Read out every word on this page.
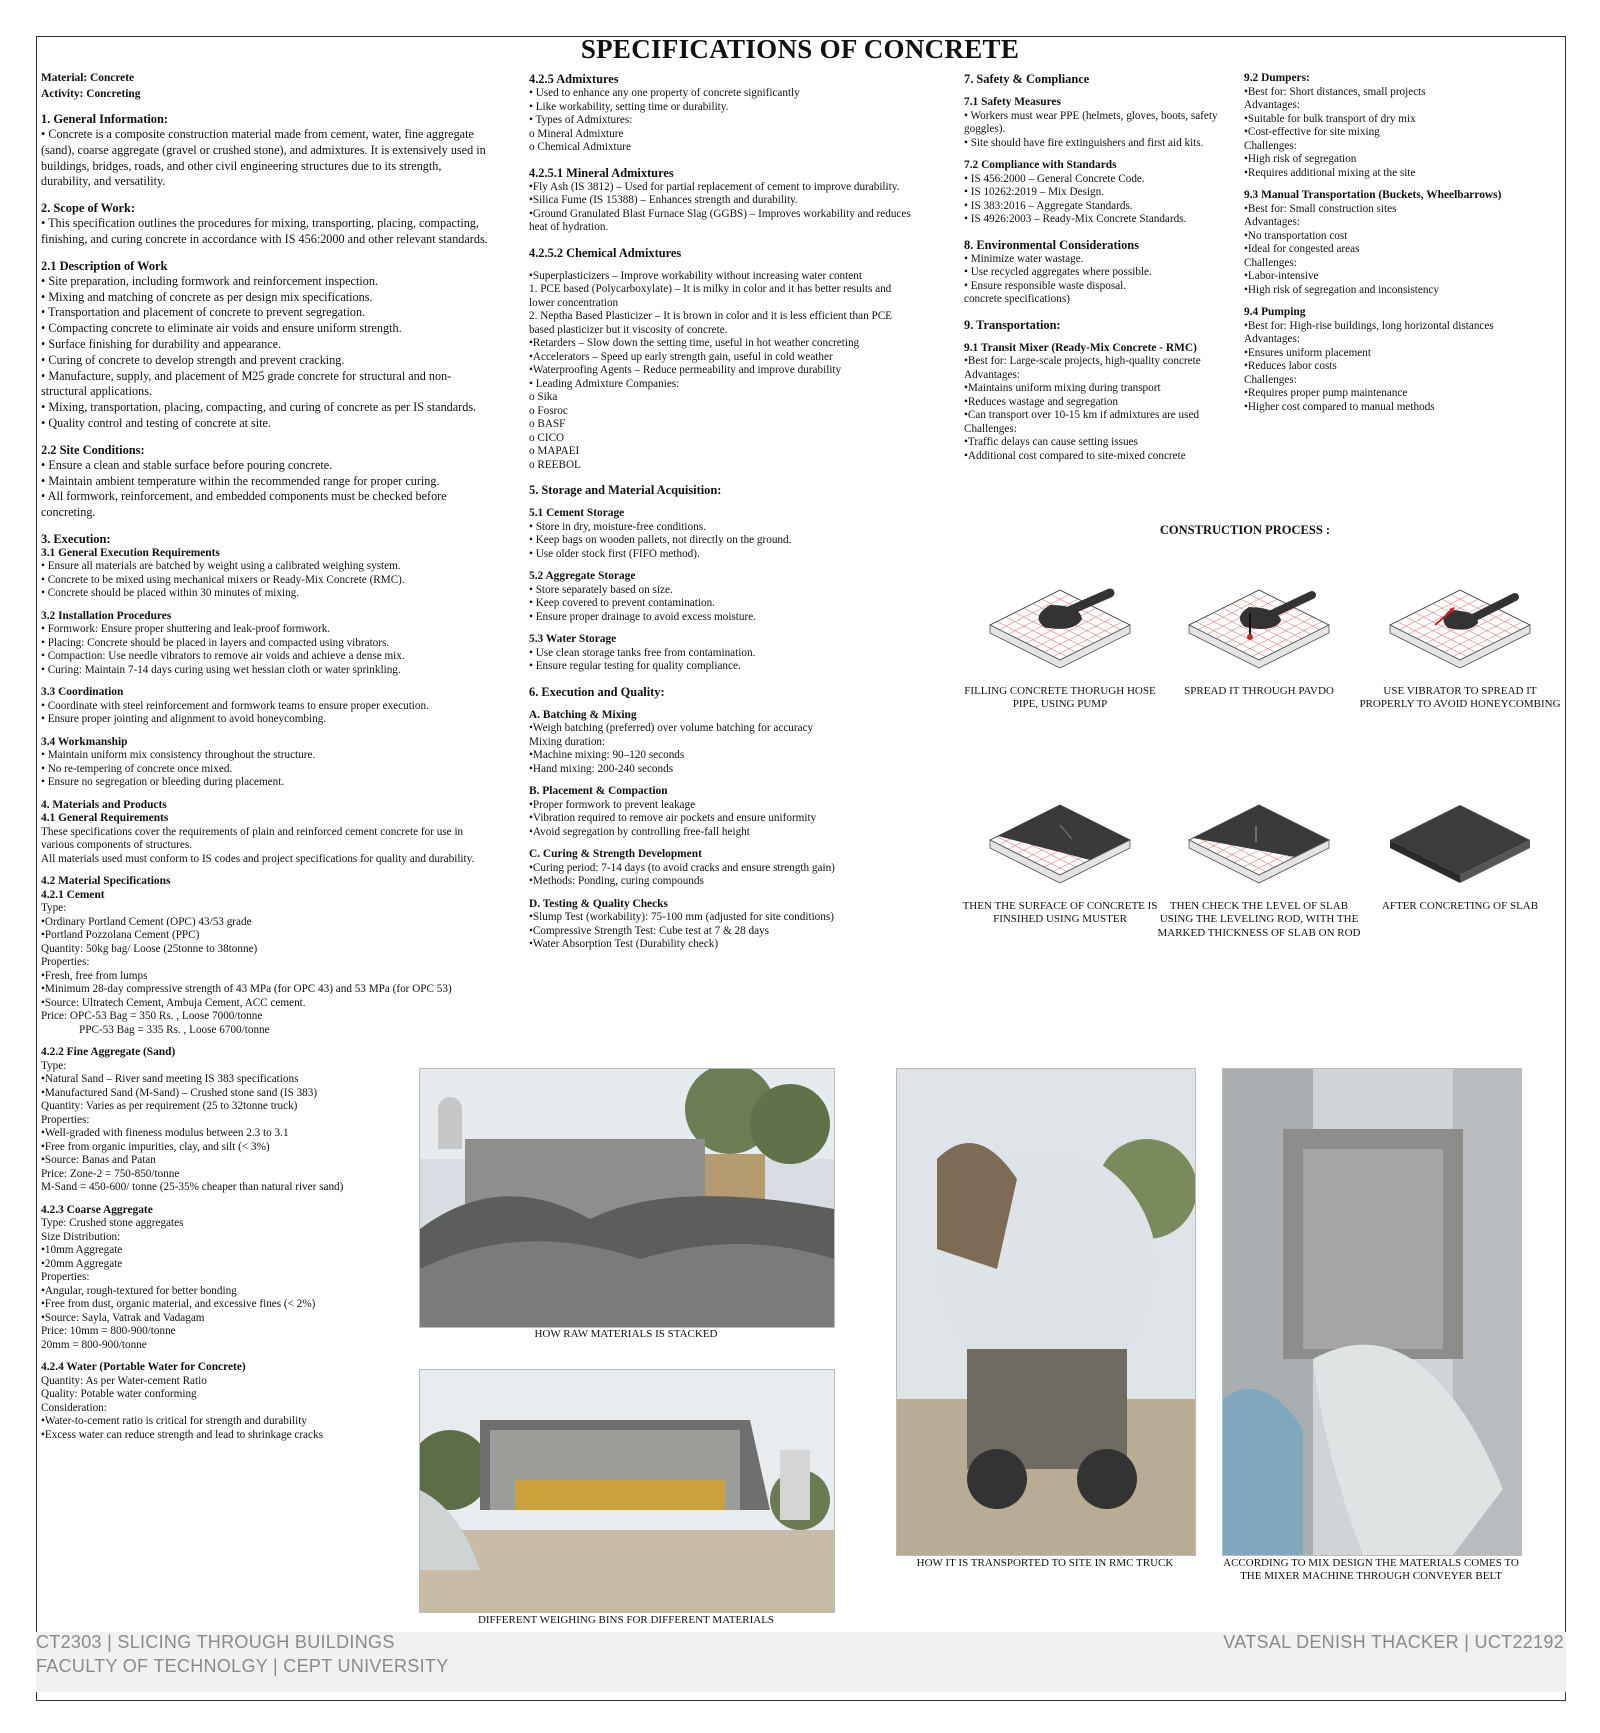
SPECIFICATIONS OF CONCRETE

Material: Concrete

Activity: Concreting

1. General Information:

• Concrete is a composite construction material made from cement, water, fine aggregate (sand), coarse aggregate (gravel or crushed stone), and admixtures. It is extensively used in buildings, bridges, roads, and other civil engineering structures due to its strength, durability, and versatility.

2. Scope of Work:

• This specification outlines the procedures for mixing, transporting, placing, compacting, finishing, and curing concrete in accordance with IS 456:2000 and other relevant standards.

2.1 Description of Work

• Site preparation, including formwork and reinforcement inspection.

• Mixing and matching of concrete as per design mix specifications.

• Transportation and placement of concrete to prevent segregation.

• Compacting concrete to eliminate air voids and ensure uniform strength.

• Surface finishing for durability and appearance.

• Curing of concrete to develop strength and prevent cracking.

• Manufacture, supply, and placement of M25 grade concrete for structural and non-structural applications.

• Mixing, transportation, placing, compacting, and curing of concrete as per IS standards.

• Quality control and testing of concrete at site.

2.2 Site Conditions:

• Ensure a clean and stable surface before pouring concrete.

• Maintain ambient temperature within the recommended range for proper curing.

• All formwork, reinforcement, and embedded components must be checked before concreting.

3. Execution:

3.1 General Execution Requirements

• Ensure all materials are batched by weight using a calibrated weighing system.

• Concrete to be mixed using mechanical mixers or Ready-Mix Concrete (RMC).

• Concrete should be placed within 30 minutes of mixing.

3.2 Installation Procedures

• Formwork: Ensure proper shuttering and leak-proof formwork.

• Placing: Concrete should be placed in layers and compacted using vibrators.

• Compaction: Use needle vibrators to remove air voids and achieve a dense mix.

• Curing: Maintain 7-14 days curing using wet hessian cloth or water sprinkling.

3.3 Coordination

• Coordinate with steel reinforcement and formwork teams to ensure proper execution.

• Ensure proper jointing and alignment to avoid honeycombing.

3.4 Workmanship

• Maintain uniform mix consistency throughout the structure.

• No re-tempering of concrete once mixed.

• Ensure no segregation or bleeding during placement.

4. Materials and Products

4.1 General Requirements

These specifications cover the requirements of plain and reinforced cement concrete for use in various components of structures.

All materials used must conform to IS codes and project specifications for quality and durability.

4.2 Material Specifications

4.2.1 Cement

Type:

•Ordinary Portland Cement (OPC) 43/53 grade

•Portland Pozzolana Cement (PPC)

Quantity: 50kg bag/ Loose (25tonne to 38tonne)

Properties:

•Fresh, free from lumps

•Minimum 28-day compressive strength of 43 MPa (for OPC 43) and 53 MPa (for OPC 53)

•Source: Ultratech Cement, Ambuja Cement, ACC cement.

Price: OPC-53 Bag = 350 Rs. , Loose 7000/tonne

PPC-53 Bag = 335 Rs. , Loose 6700/tonne

4.2.2 Fine Aggregate (Sand)

Type:

•Natural Sand – River sand meeting IS 383 specifications

•Manufactured Sand (M-Sand) – Crushed stone sand (IS 383)

Quantity: Varies as per requirement (25 to 32tonne truck)

Properties:

•Well-graded with fineness modulus between 2.3 to 3.1

•Free from organic impurities, clay, and silt (< 3%)

•Source: Banas and Patan

Price: Zone-2 = 750-850/tonne

M-Sand = 450-600/ tonne (25-35% cheaper than natural river sand)

4.2.3 Coarse Aggregate

Type: Crushed stone aggregates

Size Distribution:

•10mm Aggregate

•20mm Aggregate

Properties:

•Angular, rough-textured for better bonding

•Free from dust, organic material, and excessive fines (< 2%)

•Source: Sayla, Vatrak and Vadagam

Price: 10mm = 800-900/tonne

20mm = 800-900/tonne

4.2.4 Water (Portable Water for Concrete)

Quantity: As per Water-cement Ratio

Quality: Potable water conforming

Consideration:

•Water-to-cement ratio is critical for strength and durability

•Excess water can reduce strength and lead to shrinkage cracks

4.2.5 Admixtures

• Used to enhance any one property of concrete significantly

• Like workability, setting time or durability.

• Types of Admixtures:

o Mineral Admixture

o Chemical Admixture

4.2.5.1 Mineral Admixtures

•Fly Ash (IS 3812) – Used for partial replacement of cement to improve durability.

•Silica Fume (IS 15388) – Enhances strength and durability.

•Ground Granulated Blast Furnace Slag (GGBS) – Improves workability and reduces heat of hydration.

4.2.5.2 Chemical Admixtures

•Superplasticizers – Improve workability without increasing water content

1. PCE based (Polycarboxylate) – It is milky in color and it has better results and lower concentration

2. Neptha Based Plasticizer – It is brown in color and it is less efficient than PCE based plasticizer but it viscosity of concrete.

•Retarders – Slow down the setting time, useful in hot weather concreting

•Accelerators – Speed up early strength gain, useful in cold weather

•Waterproofing Agents – Reduce permeability and improve durability

• Leading Admixture Companies:

o Sika

o Fosroc

o BASF

o CICO

o MAPAEI

o REEBOL

5. Storage and Material Acquisition:

5.1 Cement Storage

• Store in dry, moisture-free conditions.

• Keep bags on wooden pallets, not directly on the ground.

• Use older stock first (FIFO method).

5.2 Aggregate Storage

• Store separately based on size.

• Keep covered to prevent contamination.

• Ensure proper drainage to avoid excess moisture.

5.3 Water Storage

• Use clean storage tanks free from contamination.

• Ensure regular testing for quality compliance.

6. Execution and Quality:

A. Batching & Mixing

•Weigh batching (preferred) over volume batching for accuracy

Mixing duration:

•Machine mixing: 90–120 seconds

•Hand mixing: 200-240 seconds

B. Placement & Compaction

•Proper formwork to prevent leakage

•Vibration required to remove air pockets and ensure uniformity

•Avoid segregation by controlling free-fall height

C. Curing & Strength Development

•Curing period: 7-14 days (to avoid cracks and ensure strength gain)

•Methods: Ponding, curing compounds

D. Testing & Quality Checks

•Slump Test (workability): 75-100 mm (adjusted for site conditions)

•Compressive Strength Test: Cube test at 7 & 28 days

•Water Absorption Test (Durability check)

7. Safety & Compliance

7.1 Safety Measures

• Workers must wear PPE (helmets, gloves, boots, safety goggles).

• Site should have fire extinguishers and first aid kits.

7.2 Compliance with Standards

• IS 456:2000 – General Concrete Code.

• IS 10262:2019 – Mix Design.

• IS 383:2016 – Aggregate Standards.

• IS 4926:2003 – Ready-Mix Concrete Standards.

8. Environmental Considerations

• Minimize water wastage.

• Use recycled aggregates where possible.

• Ensure responsible waste disposal.

concrete specifications)

9. Transportation:

9.1 Transit Mixer (Ready-Mix Concrete - RMC)

•Best for: Large-scale projects, high-quality concrete

Advantages:

•Maintains uniform mixing during transport

•Reduces wastage and segregation

•Can transport over 10-15 km if admixtures are used

Challenges:

•Traffic delays can cause setting issues

•Additional cost compared to site-mixed concrete

9.2 Dumpers:

•Best for: Short distances, small projects

Advantages:

•Suitable for bulk transport of dry mix

•Cost-effective for site mixing

Challenges:

•High risk of segregation

•Requires additional mixing at the site

9.3 Manual Transportation (Buckets, Wheelbarrows)

•Best for: Small construction sites

Advantages:

•No transportation cost

•Ideal for congested areas

Challenges:

•Labor-intensive

•High risk of segregation and inconsistency

9.4 Pumping

•Best for: High-rise buildings, long horizontal distances

Advantages:

•Ensures uniform placement

•Reduces labor costs

Challenges:

•Requires proper pump maintenance

•Higher cost compared to manual methods

CONSTRUCTION PROCESS :
FILLING CONCRETE THORUGH HOSE PIPE, USING PUMP
SPREAD IT THROUGH PAVDO	USE VIBRATOR TO SPREAD IT PROPERLY TO AVOID HONEYCOMBING
THEN THE SURFACE OF CONCRETE IS FINSIHED USING MUSTER
THEN CHECK THE LEVEL OF SLAB USING THE LEVELING ROD, WITH THE MARKED THICKNESS OF SLAB ON ROD
AFTER CONCRETING OF SLAB
HOW RAW MATERIALS IS STACKED
DIFFERENT WEIGHING BINS FOR DIFFERENT MATERIALS
HOW IT IS TRANSPORTED TO SITE IN RMC TRUCK	ACCORDING TO MIX DESIGN THE MATERIALS COMES TO THE MIXER MACHINE THROUGH CONVEYER BELT
CT2303 | SLICING THROUGH BUILDINGS
FACULTY OF TECHNOLGY | CEPT UNIVERSITY
VATSAL DENISH THACKER | UCT22192
